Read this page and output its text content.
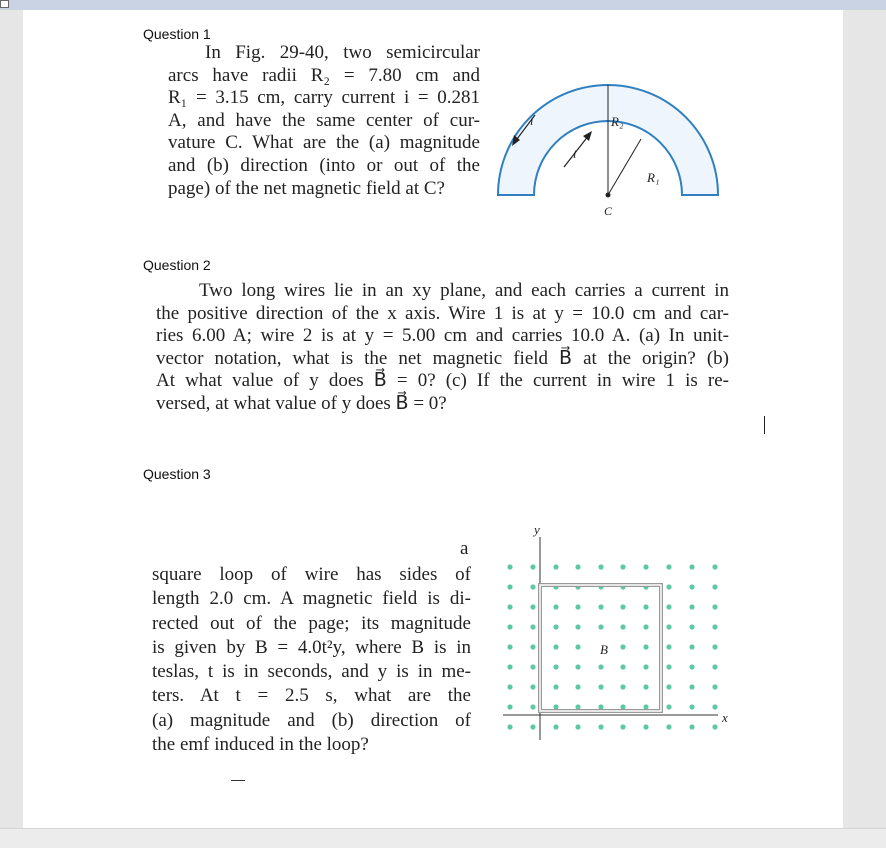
Question 1
In Fig. 29-40, two semicircular
arcs have radii R₂ = 7.80 cm and
R₁ = 3.15 cm, carry current i = 0.281
A, and have the same center of cur-
vature C. What are the (a) magnitude
and (b) direction (into or out of the
page) of the net magnetic field at C?
R₂
R₁
C
i
i
Question 2
Two long wires lie in an xy plane, and each carries a current in
the positive direction of the x axis. Wire 1 is at y = 10.0 cm and car-
ries 6.00 A; wire 2 is at y = 5.00 cm and carries 10.0 A. (a) In unit-
vector notation, what is the net magnetic field B⃗ at the origin? (b)
At what value of y does B⃗ = 0? (c) If the current in wire 1 is re-
versed, at what value of y does B⃗ = 0?
Question 3
a
square loop of wire has sides of
length 2.0 cm. A magnetic field is di-
rected out of the page; its magnitude
is given by B = 4.0t²y, where B is in
teslas, t is in seconds, and y is in me-
ters. At t = 2.5 s, what are the
(a) magnitude and (b) direction of
the emf induced in the loop?
B⃗
y
x
